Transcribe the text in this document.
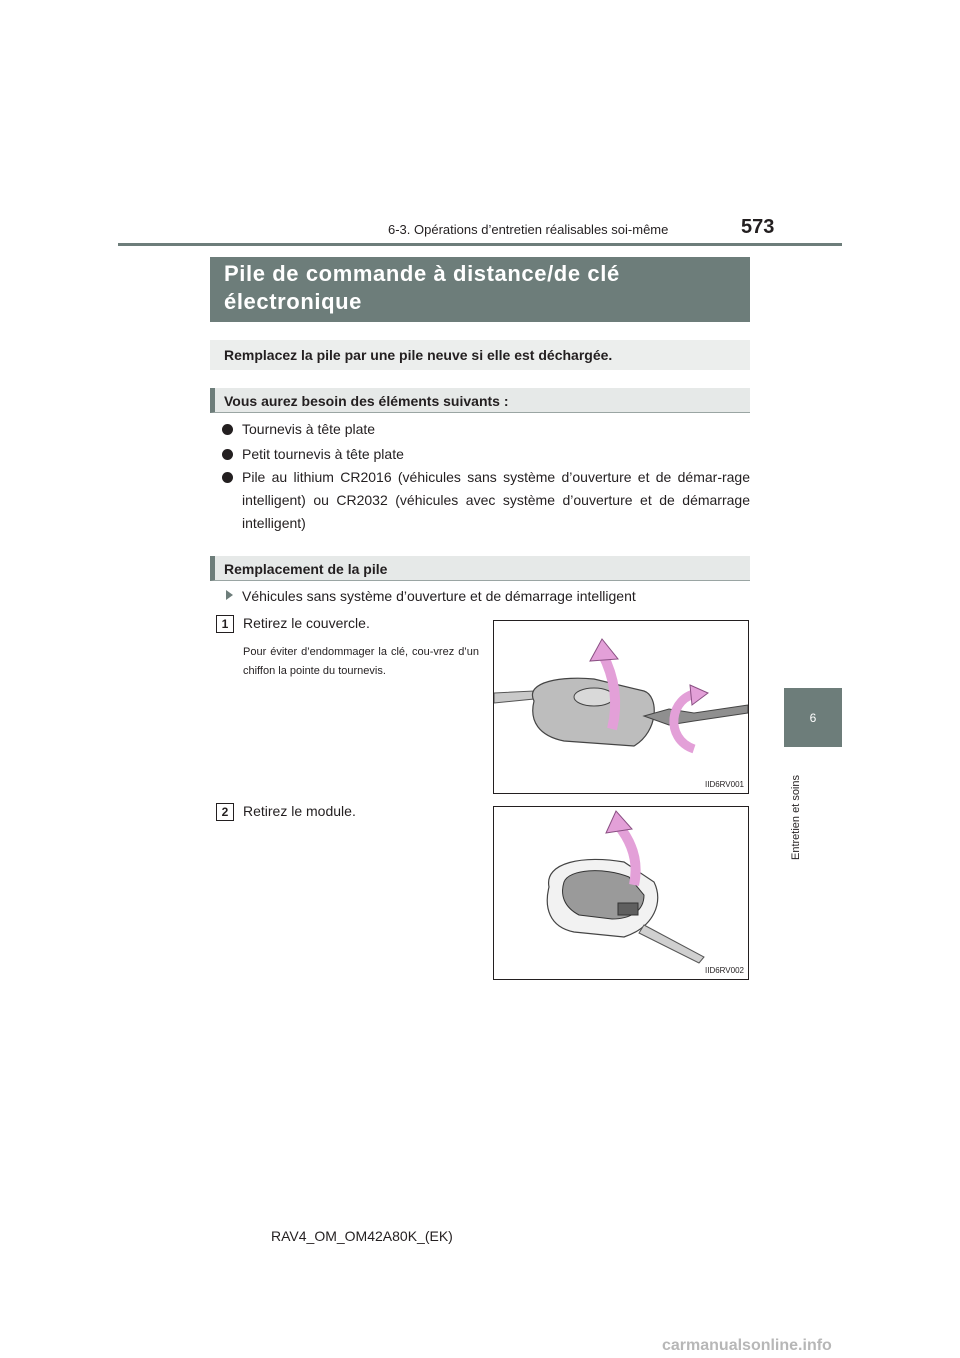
6-3. Opérations d’entretien réalisables soi-même	573
6
Entretien et soins
Pile de commande à distance/de clé
électronique
Remplacez la pile par une pile neuve si elle est déchargée.
Vous aurez besoin des éléments suivants :
Tournevis à tête plate
Petit tournevis à tête plate
Pile au lithium CR2016 (véhicules sans système d’ouverture et de démar-rage intelligent) ou CR2032 (véhicules avec système d’ouverture et de démarrage intelligent)
Remplacement de la pile
Véhicules sans système d’ouverture et de démarrage intelligent
1	Retirez le couvercle.
Pour éviter d’endommager la clé, cou-vrez d’un chiffon la pointe du tournevis.
IID6RV001
2	Retirez le module.
IID6RV002
RAV4_OM_OM42A80K_(EK)
carmanualsonline.info
